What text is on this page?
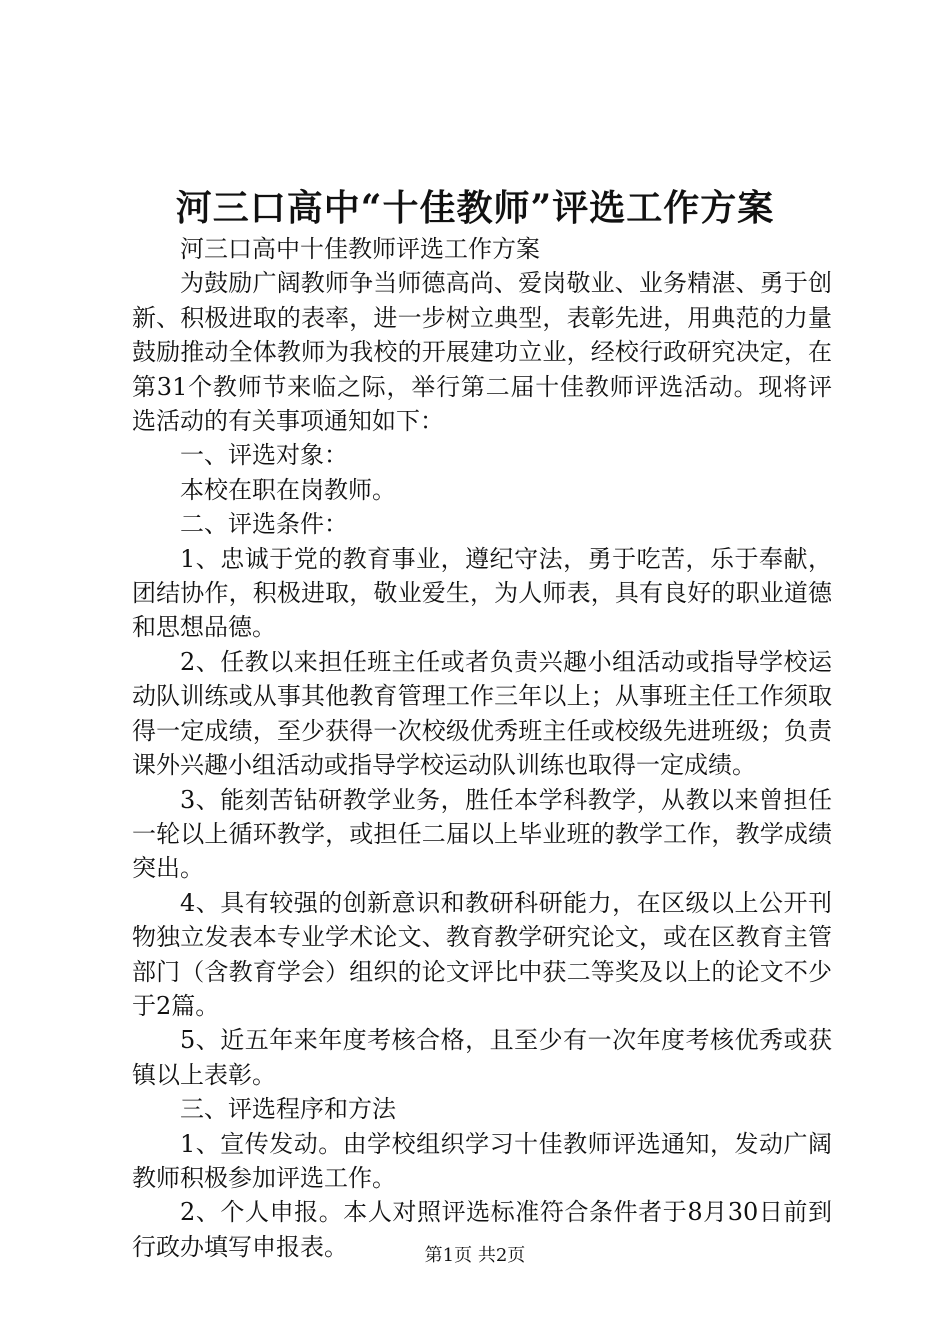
河三口高中“十佳教师”评选工作方案

河三口高中十佳教师评选工作方案

为鼓励广阔教师争当师德高尚、爱岗敬业、业务精湛、勇于创新、积极进取的表率，进一步树立典型，表彰先进，用典范的力量鼓励推动全体教师为我校的开展建功立业，经校行政研究决定，在第31个教师节来临之际，举行第二届十佳教师评选活动。现将评选活动的有关事项通知如下：

一、评选对象：

本校在职在岗教师。

二、评选条件：

1、忠诚于党的教育事业，遵纪守法，勇于吃苦，乐于奉献，团结协作，积极进取，敬业爱生，为人师表，具有良好的职业道德和思想品德。

2、任教以来担任班主任或者负责兴趣小组活动或指导学校运动队训练或从事其他教育管理工作三年以上；从事班主任工作须取得一定成绩，至少获得一次校级优秀班主任或校级先进班级；负责课外兴趣小组活动或指导学校运动队训练也取得一定成绩。

3、能刻苦钻研教学业务，胜任本学科教学，从教以来曾担任一轮以上循环教学，或担任二届以上毕业班的教学工作，教学成绩突出。

4、具有较强的创新意识和教研科研能力，在区级以上公开刊物独立发表本专业学术论文、教育教学研究论文，或在区教育主管部门（含教育学会）组织的论文评比中获二等奖及以上的论文不少于2篇。

5、近五年来年度考核合格，且至少有一次年度考核优秀或获镇以上表彰。

三、评选程序和方法

1、宣传发动。由学校组织学习十佳教师评选通知，发动广阔教师积极参加评选工作。

2、个人申报。本人对照评选标准符合条件者于8月30日前到行政办填写申报表。	第1页 共2页
